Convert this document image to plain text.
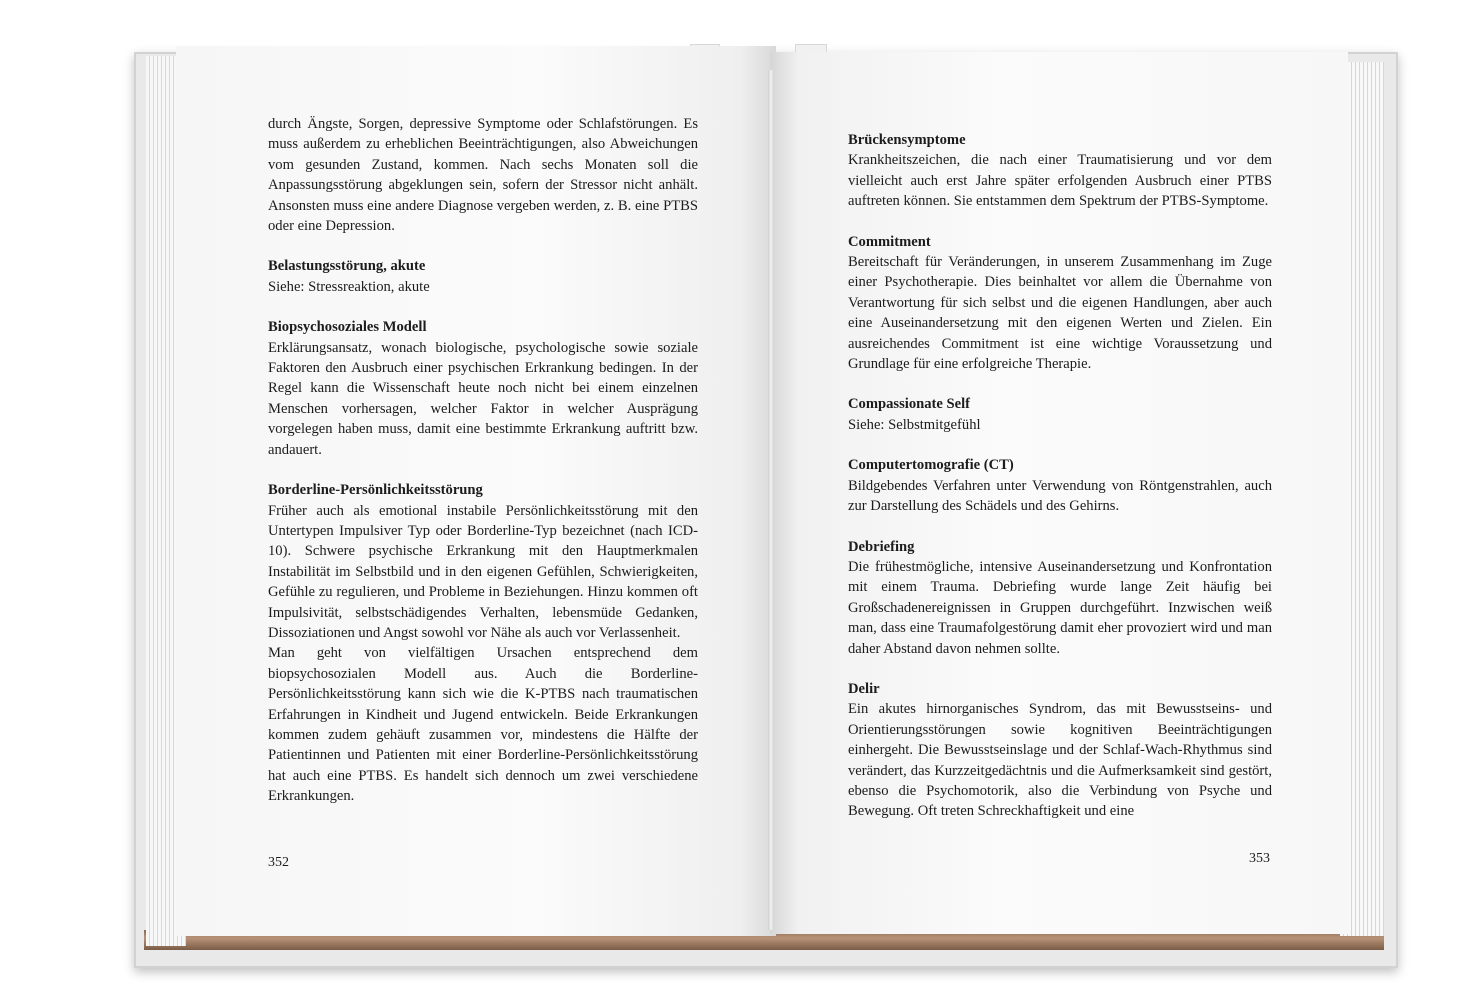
durch Ängste, Sorgen, depressive Symptome oder Schlafstörungen. Es muss außerdem zu erheblichen Beeinträchtigungen, also Abweichungen vom gesunden Zustand, kommen. Nach sechs Monaten soll die Anpassungsstörung abgeklungen sein, sofern der Stressor nicht anhält. Ansonsten muss eine andere Diagnose vergeben werden, z. B. eine PTBS oder eine Depression.

Belastungsstörung, akute

Siehe: Stressreaktion, akute

Biopsychosoziales Modell

Erklärungsansatz, wonach biologische, psychologische sowie soziale Faktoren den Ausbruch einer psychischen Erkrankung bedingen. In der Regel kann die Wissenschaft heute noch nicht bei einem einzelnen Menschen vorhersagen, welcher Faktor in welcher Ausprägung vorgelegen haben muss, damit eine bestimmte Erkrankung auftritt bzw. andauert.

Borderline-Persönlichkeitsstörung

Früher auch als emotional instabile Persönlichkeitsstörung mit den Untertypen Impulsiver Typ oder Borderline-Typ bezeichnet (nach ICD-10). Schwere psychische Erkrankung mit den Hauptmerkmalen Instabilität im Selbstbild und in den eigenen Gefühlen, Schwierigkeiten, Gefühle zu regulieren, und Probleme in Beziehungen. Hinzu kommen oft Impulsivität, selbstschädigendes Verhalten, lebensmüde Gedanken, Dissoziationen und Angst sowohl vor Nähe als auch vor Verlassenheit.

Man geht von vielfältigen Ursachen entsprechend dem biopsychosozialen Modell aus. Auch die Borderline-Persönlichkeitsstörung kann sich wie die K-PTBS nach traumatischen Erfahrungen in Kindheit und Jugend entwickeln. Beide Erkrankungen kommen zudem gehäuft zusammen vor, mindestens die Hälfte der Patientinnen und Patienten mit einer Borderline-Persönlichkeitsstörung hat auch eine PTBS. Es handelt sich dennoch um zwei verschiedene Erkrankungen.

352

Brückensymptome

Krankheitszeichen, die nach einer Traumatisierung und vor dem vielleicht auch erst Jahre später erfolgenden Ausbruch einer PTBS auftreten können. Sie entstammen dem Spektrum der PTBS-Symptome.

Commitment

Bereitschaft für Veränderungen, in unserem Zusammenhang im Zuge einer Psychotherapie. Dies beinhaltet vor allem die Übernahme von Verantwortung für sich selbst und die eigenen Handlungen, aber auch eine Auseinandersetzung mit den eigenen Werten und Zielen. Ein ausreichendes Commitment ist eine wichtige Voraussetzung und Grundlage für eine erfolgreiche Therapie.

Compassionate Self

Siehe: Selbstmitgefühl

Computertomografie (CT)

Bildgebendes Verfahren unter Verwendung von Röntgenstrahlen, auch zur Darstellung des Schädels und des Gehirns.

Debriefing

Die frühestmögliche, intensive Auseinandersetzung und Konfrontation mit einem Trauma. Debriefing wurde lange Zeit häufig bei Großschadenereignissen in Gruppen durchgeführt. Inzwischen weiß man, dass eine Traumafolgestörung damit eher provoziert wird und man daher Abstand davon nehmen sollte.

Delir

Ein akutes hirnorganisches Syndrom, das mit Bewusstseins- und Orientierungsstörungen sowie kognitiven Beeinträchtigungen einhergeht. Die Bewusstseinslage und der Schlaf-Wach-Rhythmus sind verändert, das Kurzzeitgedächtnis und die Aufmerksamkeit sind gestört, ebenso die Psychomotorik, also die Verbindung von Psyche und Bewegung. Oft treten Schreckhaftigkeit und eine

353
